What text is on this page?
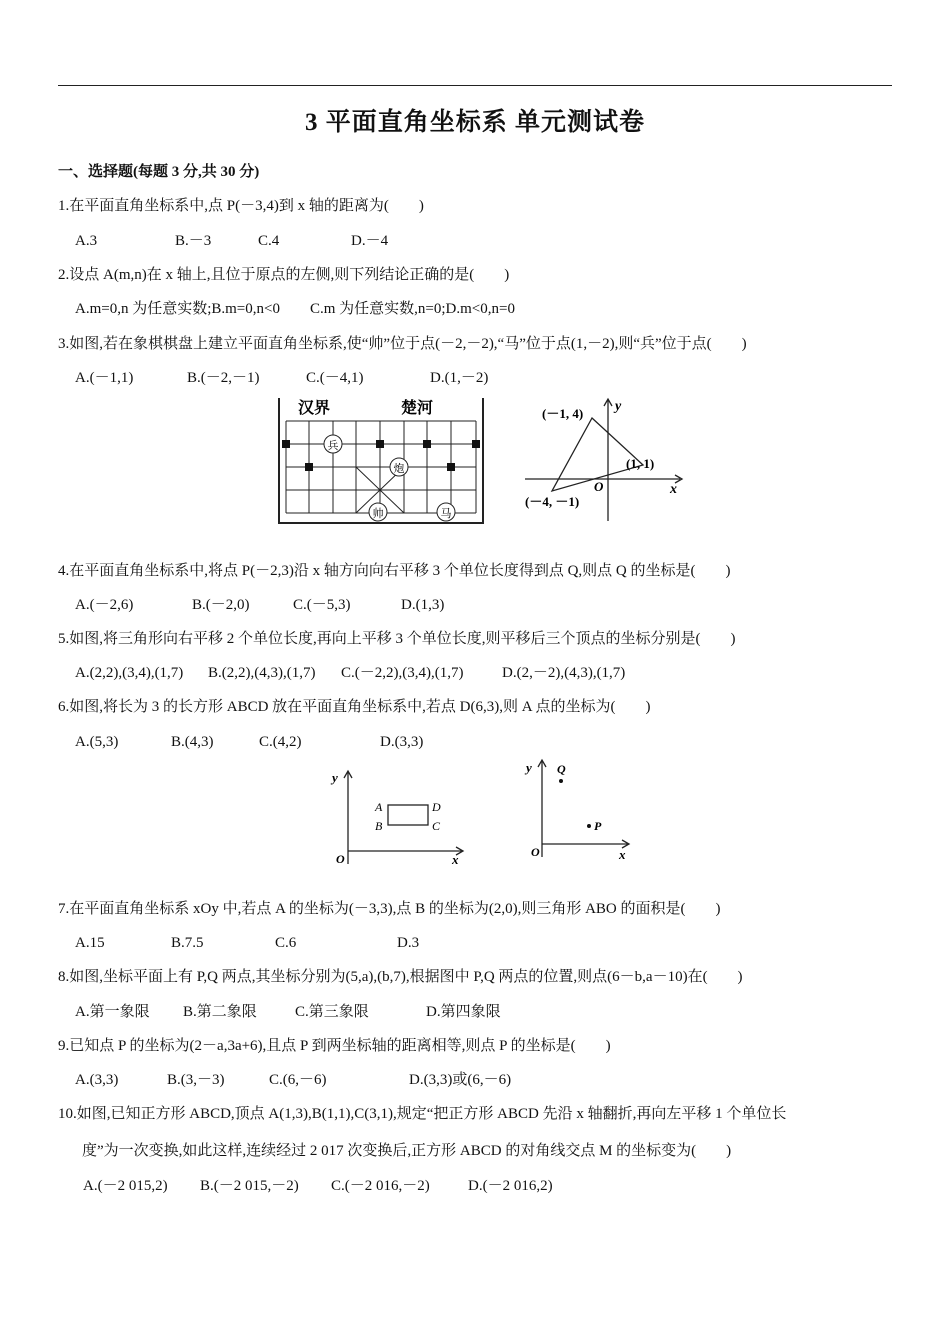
3 平面直角坐标系 单元测试卷
一、选择题(每题 3 分,共 30 分)
1.在平面直角坐标系中,点 P(－3,4)到 x 轴的距离为(　　)
A.3	B.－3	C.4	D.－4
2.设点 A(m,n)在 x 轴上,且位于原点的左侧,则下列结论正确的是(　　)
A.m=0,n 为任意实数;B.m=0,n<0　　C.m 为任意实数,n=0;D.m<0,n=0
3.如图,若在象棋棋盘上建立平面直角坐标系,使“帅”位于点(－2,－2),“马”位于点(1,－2),则“兵”位于点(　　)
A.(－1,1)	B.(－2,－1)	C.(－4,1)	D.(1,－2)
汉界	楚河
兵
炮
帅	马
y
x
O
(－1, 4)
(1, 1)
(－4, －1)
4.在平面直角坐标系中,将点 P(－2,3)沿 x 轴方向向右平移 3 个单位长度得到点 Q,则点 Q 的坐标是(　　)
A.(－2,6)	B.(－2,0)	C.(－5,3)	D.(1,3)
5.如图,将三角形向右平移 2 个单位长度,再向上平移 3 个单位长度,则平移后三个顶点的坐标分别是(　　)
A.(2,2),(3,4),(1,7) B.(2,2),(4,3),(1,7) C.(－2,2),(3,4),(1,7)	D.(2,－2),(4,3),(1,7)
6.如图,将长为 3 的长方形 ABCD 放在平面直角坐标系中,若点 D(6,3),则 A 点的坐标为(　　)
A.(5,3)	B.(4,3)	C.(4,2)	D.(3,3)
y
x
O
A
B	C
D
y
x
O
Q
P
7.在平面直角坐标系 xOy 中,若点 A 的坐标为(－3,3),点 B 的坐标为(2,0),则三角形 ABO 的面积是(　　)
A.15	B.7.5	C.6	D.3
8.如图,坐标平面上有 P,Q 两点,其坐标分别为(5,a),(b,7),根据图中 P,Q 两点的位置,则点(6－b,a－10)在(　　)
A.第一象限 B.第二象限	C.第三象限	D.第四象限
9.已知点 P 的坐标为(2－a,3a+6),且点 P 到两坐标轴的距离相等,则点 P 的坐标是(　　)
A.(3,3)	B.(3,－3)	C.(6,－6)	D.(3,3)或(6,－6)
10.如图,已知正方形 ABCD,顶点 A(1,3),B(1,1),C(3,1),规定“把正方形 ABCD 先沿 x 轴翻折,再向左平移 1 个单位长
度”为一次变换,如此这样,连续经过 2 017 次变换后,正方形 ABCD 的对角线交点 M 的坐标变为(　　)
A.(－2 015,2) B.(－2 015,－2) C.(－2 016,－2)	D.(－2 016,2)
